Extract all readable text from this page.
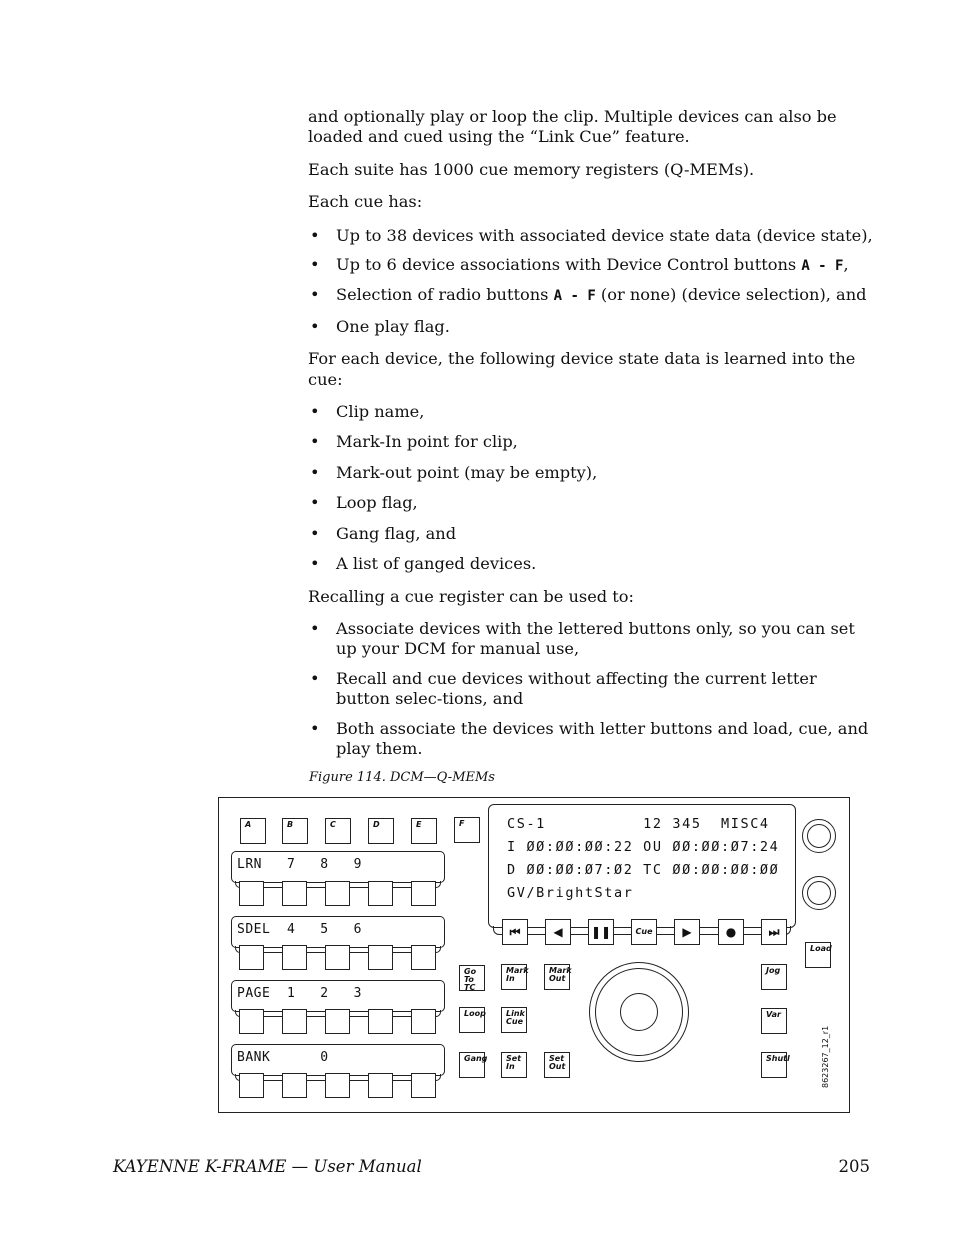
and optionally play or loop the clip. Multiple devices can also be loaded and cued using the “Link Cue” feature.

Each suite has 1000 cue memory registers (Q-MEMs).

Each cue has:

• Up to 38 devices with associated device state data (device state),
• Up to 6 device associations with Device Control buttons A - F,
• Selection of radio buttons A - F (or none) (device selection), and
• One play flag.

For each device, the following device state data is learned into the cue:

• Clip name,
• Mark-In point for clip,
• Mark-out point (may be empty),
• Loop flag,
• Gang flag, and
• A list of ganged devices.

Recalling a cue register can be used to:

• Associate devices with the lettered buttons only, so you can set up your DCM for manual use,
• Recall and cue devices without affecting the current letter button selec-tions, and
• Both associate the devices with letter buttons and load, cue, and play them.
Figure 114. DCM—Q-MEMs
A	B	C	D	E	F
LRN   7   8   9
SDEL  4   5   6
PAGE  1   2   3
BANK      0
CS-1          12 345  MISC4
I ØØ:ØØ:ØØ:22 OU ØØ:ØØ:Ø7:24
D ØØ:ØØ:Ø7:Ø2 TC ØØ:ØØ:ØØ:ØØ
GV/BrightStar
⏮	◀	❚❚	Cue	▶	●	⏭
Go To TC
Mark In
Mark Out
Loop	Link Cue
Gang	Set In
Set Out
Jog
Var
Shutl
Load
8623267_12_r1
KAYENNE K-FRAME — User Manual	205
